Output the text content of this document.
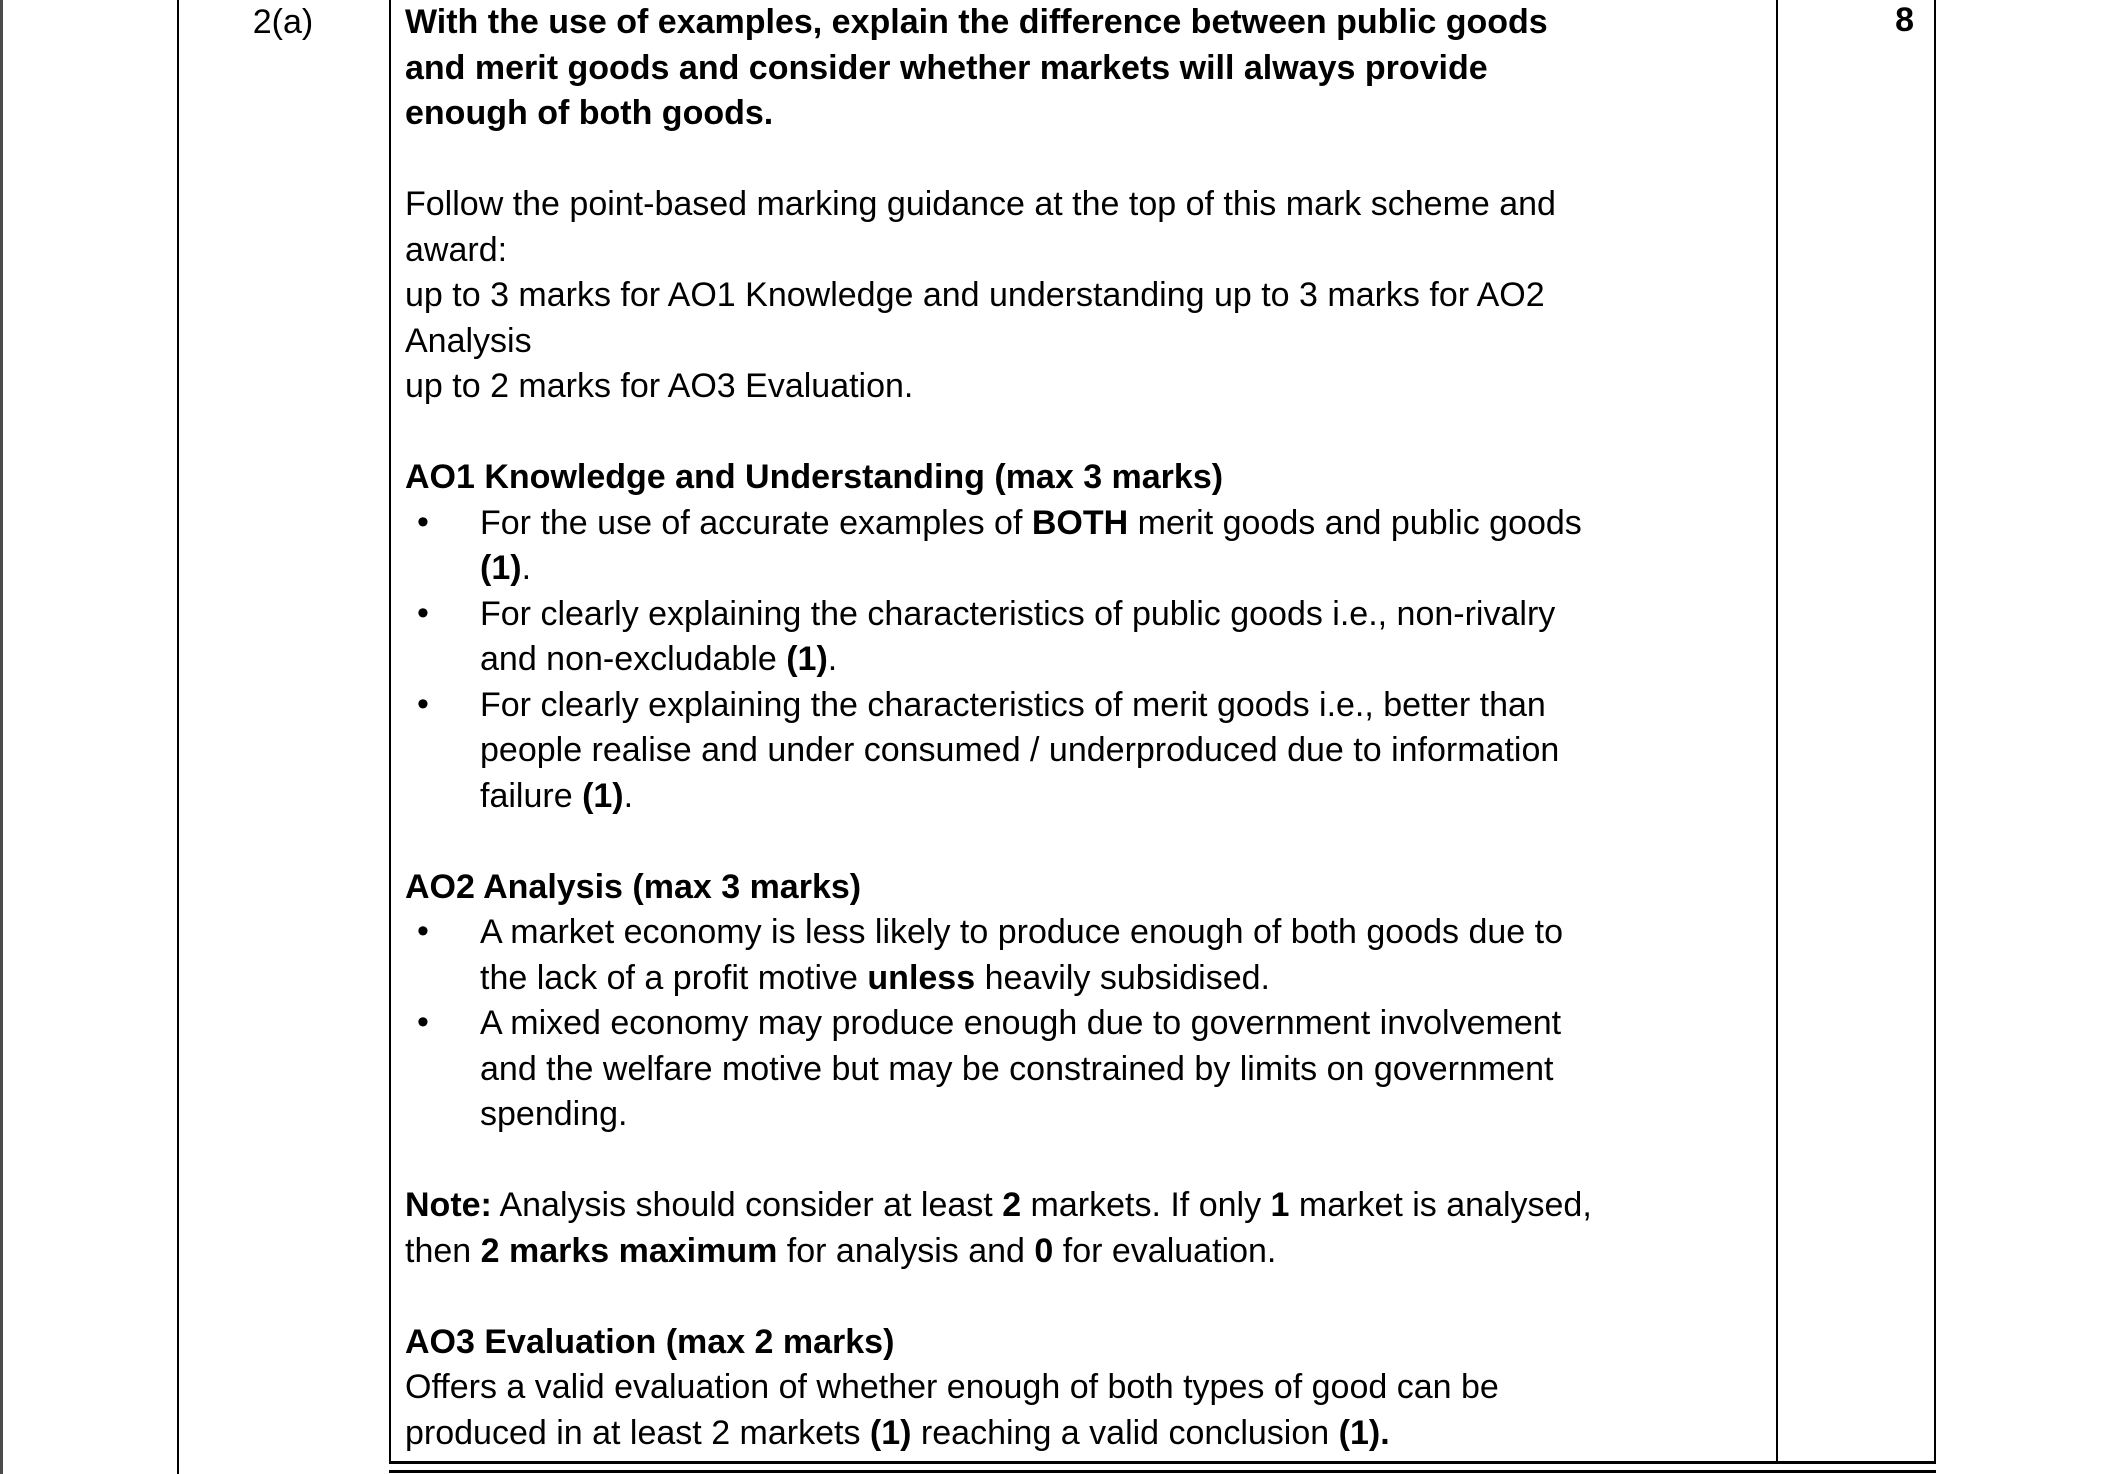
2(a)	With the use of examples, explain the difference between public goods
and merit goods and consider whether markets will always provide
enough of both goods.
Follow the point-based marking guidance at the top of this mark scheme and
award:
up to 3 marks for AO1 Knowledge and understanding up to 3 marks for AO2
Analysis
up to 2 marks for AO3 Evaluation.
AO1 Knowledge and Understanding (max 3 marks)
• For the use of accurate examples of BOTH merit goods and public goods
(1).
• For clearly explaining the characteristics of public goods i.e., non-rivalry
and non-excludable (1).
• For clearly explaining the characteristics of merit goods i.e., better than
people realise and under consumed / underproduced due to information
failure (1).
AO2 Analysis (max 3 marks)
• A market economy is less likely to produce enough of both goods due to
the lack of a profit motive unless heavily subsidised.
• A mixed economy may produce enough due to government involvement
and the welfare motive but may be constrained by limits on government
spending.
Note: Analysis should consider at least 2 markets. If only 1 market is analysed,
then 2 marks maximum for analysis and 0 for evaluation.
AO3 Evaluation (max 2 marks)
Offers a valid evaluation of whether enough of both types of good can be
produced in at least 2 markets (1) reaching a valid conclusion (1).
8
